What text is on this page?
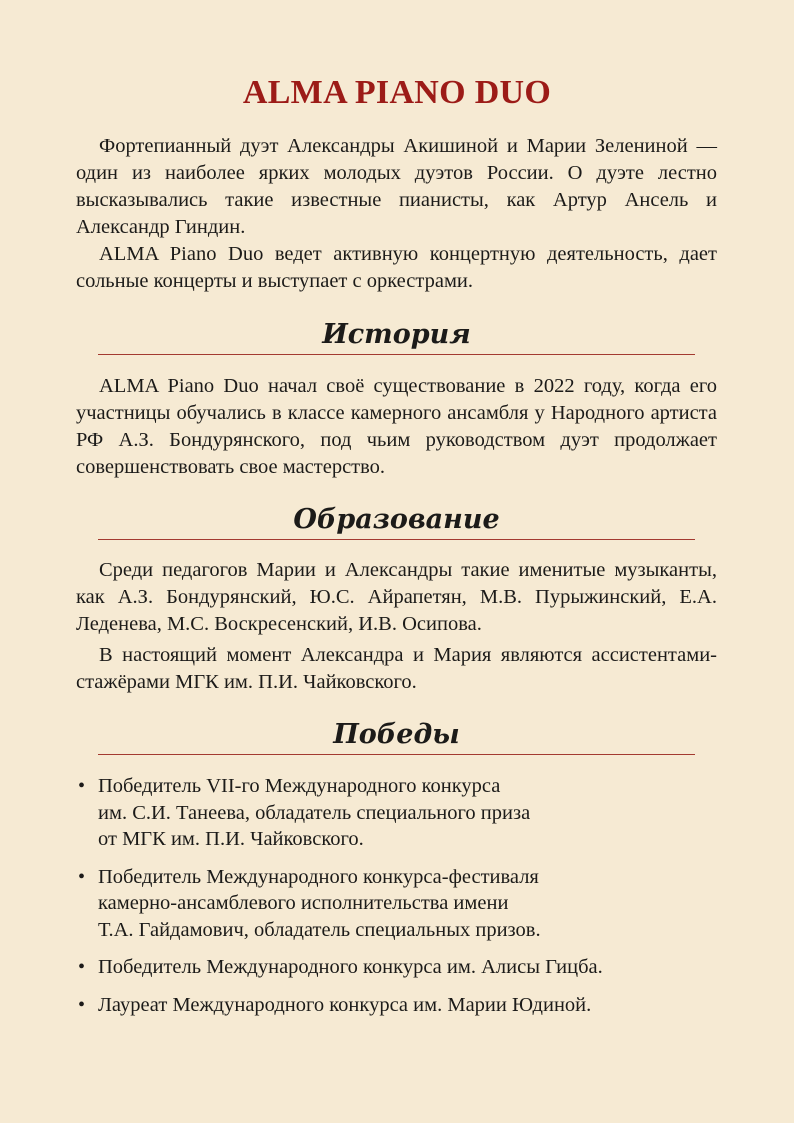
ALMA PIANO DUO

Фортепианный дуэт Александры Акишиной и Марии Зелениной — один из наиболее ярких молодых дуэтов России. О дуэте лестно высказывались такие известные пианисты, как Артур Ансель и Александр Гиндин.

ALMA Piano Duo ведет активную концертную деятельность, дает сольные концерты и выступает с оркестрами.

История

ALMA Piano Duo начал своё существование в 2022 году, когда его участницы обучались в классе камерного ансамбля у Народного артиста РФ А.З. Бондурянского, под чьим руководством дуэт продолжает совершенствовать свое мастерство.

Образование

Среди педагогов Марии и Александры такие именитые музыканты, как А.З. Бондурянский, Ю.С. Айрапетян, М.В. Пурыжинский, Е.А. Леденева, М.С. Воскресенский, И.В. Осипова.

В настоящий момент Александра и Мария являются ассистентами-стажёрами МГК им. П.И. Чайковского.

Победы
• Победитель VII-го Международного конкурса
им. С.И. Танеева, обладатель специального приза
от МГК им. П.И. Чайковского.
• Победитель Международного конкурса-фестиваля
камерно-ансамблевого исполнительства имени
Т.А. Гайдамович, обладатель специальных призов.
• Победитель Международного конкурса им. Алисы Гицба.
• Лауреат Международного конкурса им. Марии Юдиной.
